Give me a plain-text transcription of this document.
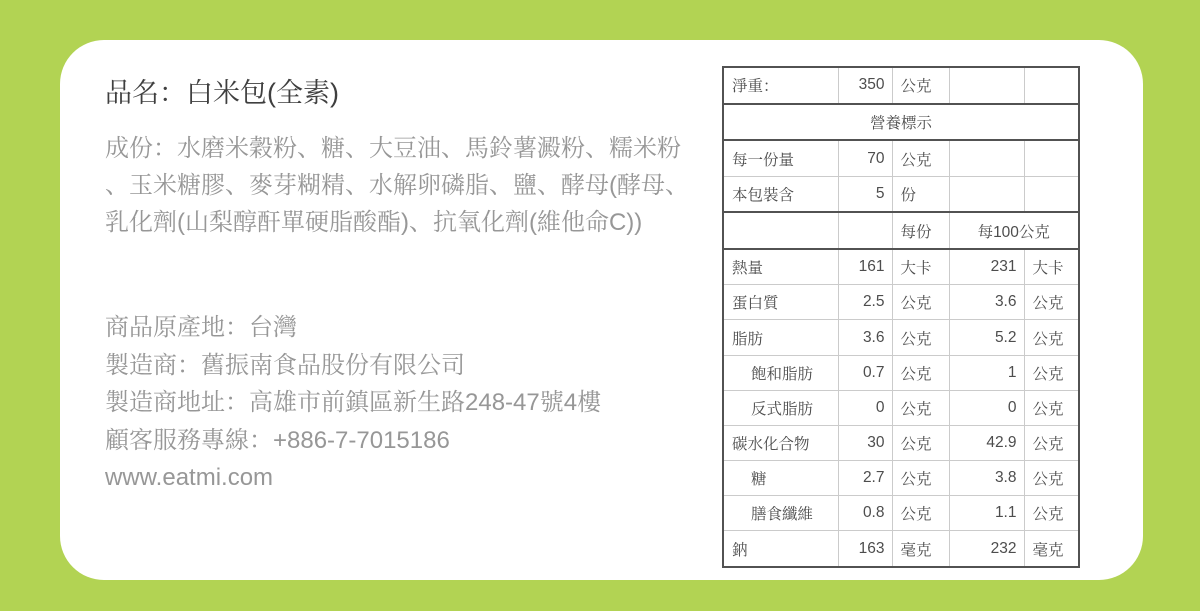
品名：白米包(全素)
成份：水磨米穀粉、糖、大豆油、馬鈴薯澱粉、糯米粉、玉米糖膠、麥芽糊精、水解卵磷脂、鹽、酵母(酵母、乳化劑(山梨醇酐單硬脂酸酯)、抗氧化劑(維他命C))
商品原產地：台灣
製造商：舊振南食品股份有限公司
製造商地址：高雄市前鎮區新生路248-47號4樓
顧客服務專線：+886-7-7015186
www.eatmi.com
淨重：	350	公克		
營養標示				
每一份量	70	公克		
本包裝含	5	份		
		每份	每100公克	
熱量	161	大卡	231	大卡
蛋白質	2.5	公克	3.6	公克
脂肪	3.6	公克	5.2	公克
飽和脂肪	0.7	公克	1	公克
反式脂肪	0	公克	0	公克
碳水化合物	30	公克	42.9	公克
糖	2.7	公克	3.8	公克
膳食纖維	0.8	公克	1.1	公克
鈉	163	毫克	232	毫克
